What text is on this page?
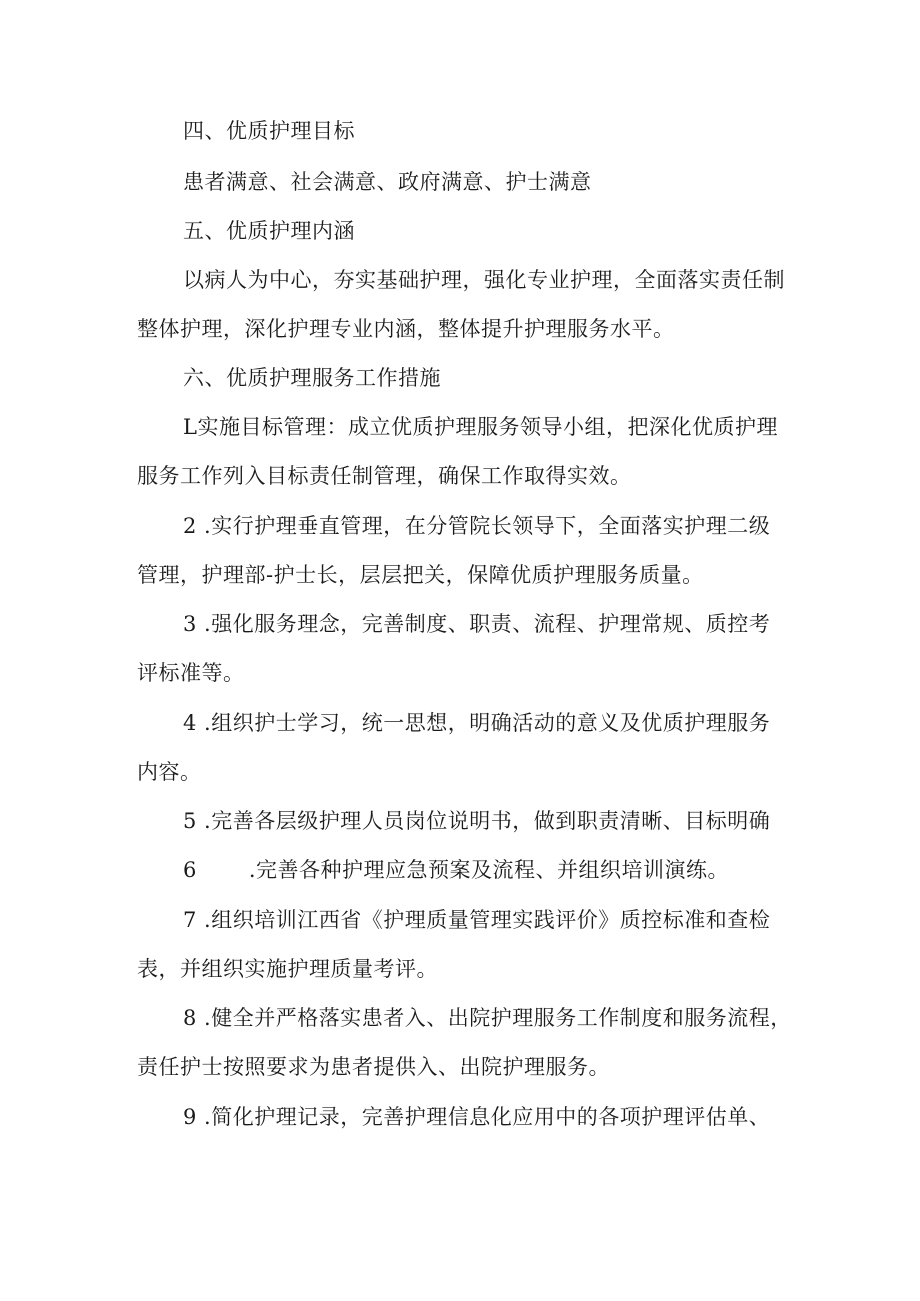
四、优质护理目标
患者满意、社会满意、政府满意、护士满意
五、优质护理内涵
以病人为中心，夯实基础护理，强化专业护理，全面落实责任制
整体护理，深化护理专业内涵，整体提升护理服务水平。
六、优质护理服务工作措施
L实施目标管理：成立优质护理服务领导小组，把深化优质护理
服务工作列入目标责任制管理，确保工作取得实效。
2 .实行护理垂直管理，在分管院长领导下，全面落实护理二级
管理，护理部-护士长，层层把关，保障优质护理服务质量。
3 .强化服务理念，完善制度、职责、流程、护理常规、质控考
评标准等。
4 .组织护士学习，统一思想，明确活动的意义及优质护理服务
内容。
5 .完善各层级护理人员岗位说明书，做到职责清晰、目标明确
6 .完善各种护理应急预案及流程、并组织培训演练。
7 .组织培训江西省《护理质量管理实践评价》质控标准和查检
表，并组织实施护理质量考评。
8 .健全并严格落实患者入、出院护理服务工作制度和服务流程，
责任护士按照要求为患者提供入、出院护理服务。
9 .简化护理记录，完善护理信息化应用中的各项护理评估单、
